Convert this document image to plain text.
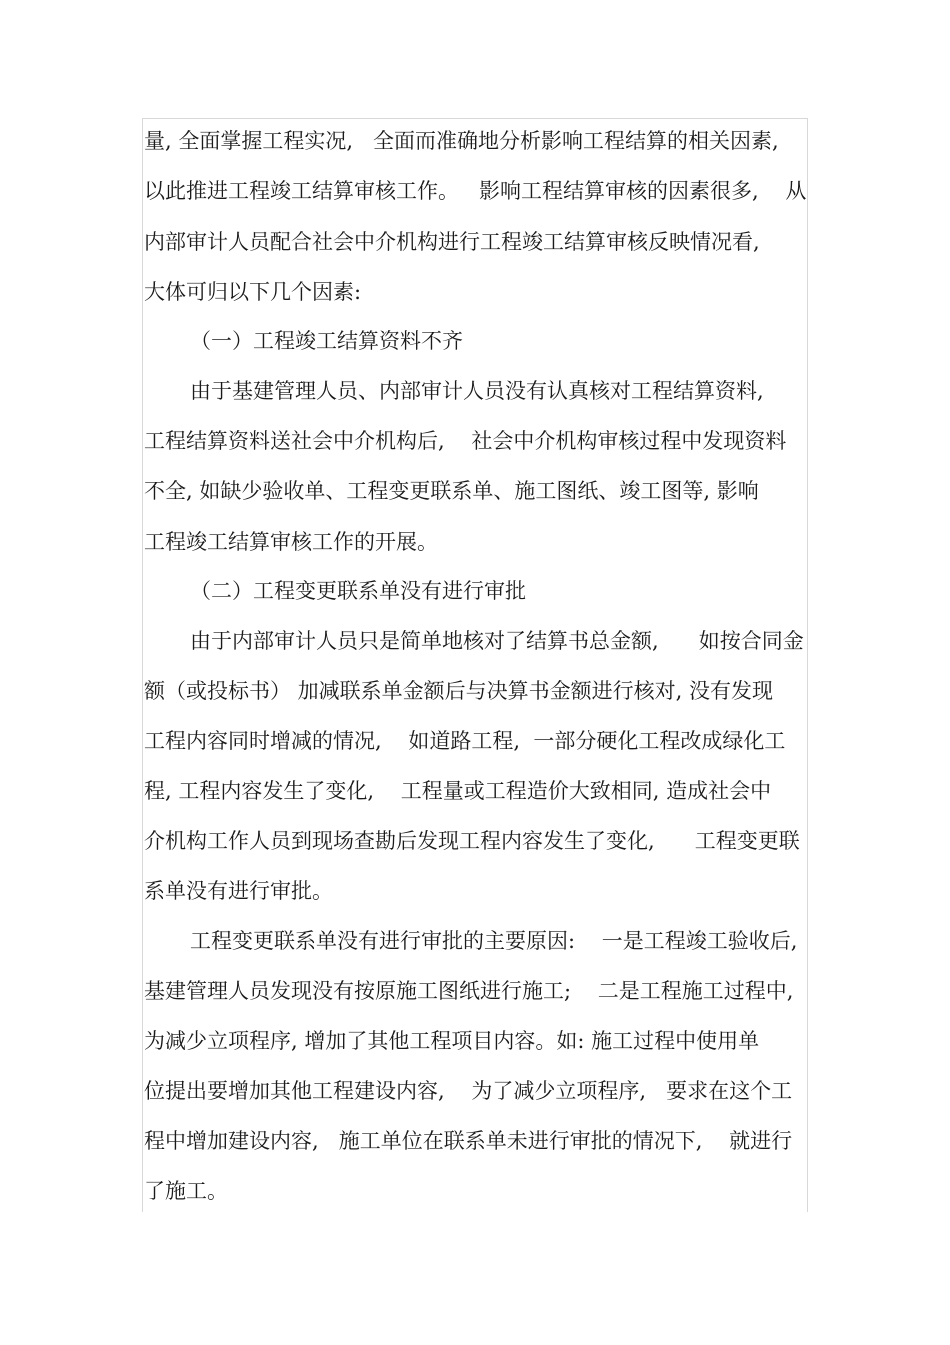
量, 全面掌握工程实况,   全面而准确地分析影响工程结算的相关因素,
以此推进工程竣工结算审核工作。   影响工程结算审核的因素很多,    从
内部审计人员配合社会中介机构进行工程竣工结算审核反映情况看,
大体可归以下几个因素:
（一）工程竣工结算资料不齐
由于基建管理人员、内部审计人员没有认真核对工程结算资料,
工程结算资料送社会中介机构后,    社会中介机构审核过程中发现资料
不全, 如缺少验收单、工程变更联系单、施工图纸、竣工图等, 影响
工程竣工结算审核工作的开展。
（二）工程变更联系单没有进行审批
由于内部审计人员只是简单地核对了结算书总金额,      如按合同金
额（或投标书） 加减联系单金额后与决算书金额进行核对, 没有发现
工程内容同时增减的情况,    如道路工程,  一部分硬化工程改成绿化工
程, 工程内容发生了变化,    工程量或工程造价大致相同, 造成社会中
介机构工作人员到现场查勘后发现工程内容发生了变化,      工程变更联
系单没有进行审批。
工程变更联系单没有进行审批的主要原因:    一是工程竣工验收后,
基建管理人员发现没有按原施工图纸进行施工;    二是工程施工过程中,
为减少立项程序, 增加了其他工程项目内容。如: 施工过程中使用单
位提出要增加其他工程建设内容,    为了减少立项程序,   要求在这个工
程中增加建设内容,   施工单位在联系单未进行审批的情况下,    就进行
了施工。
